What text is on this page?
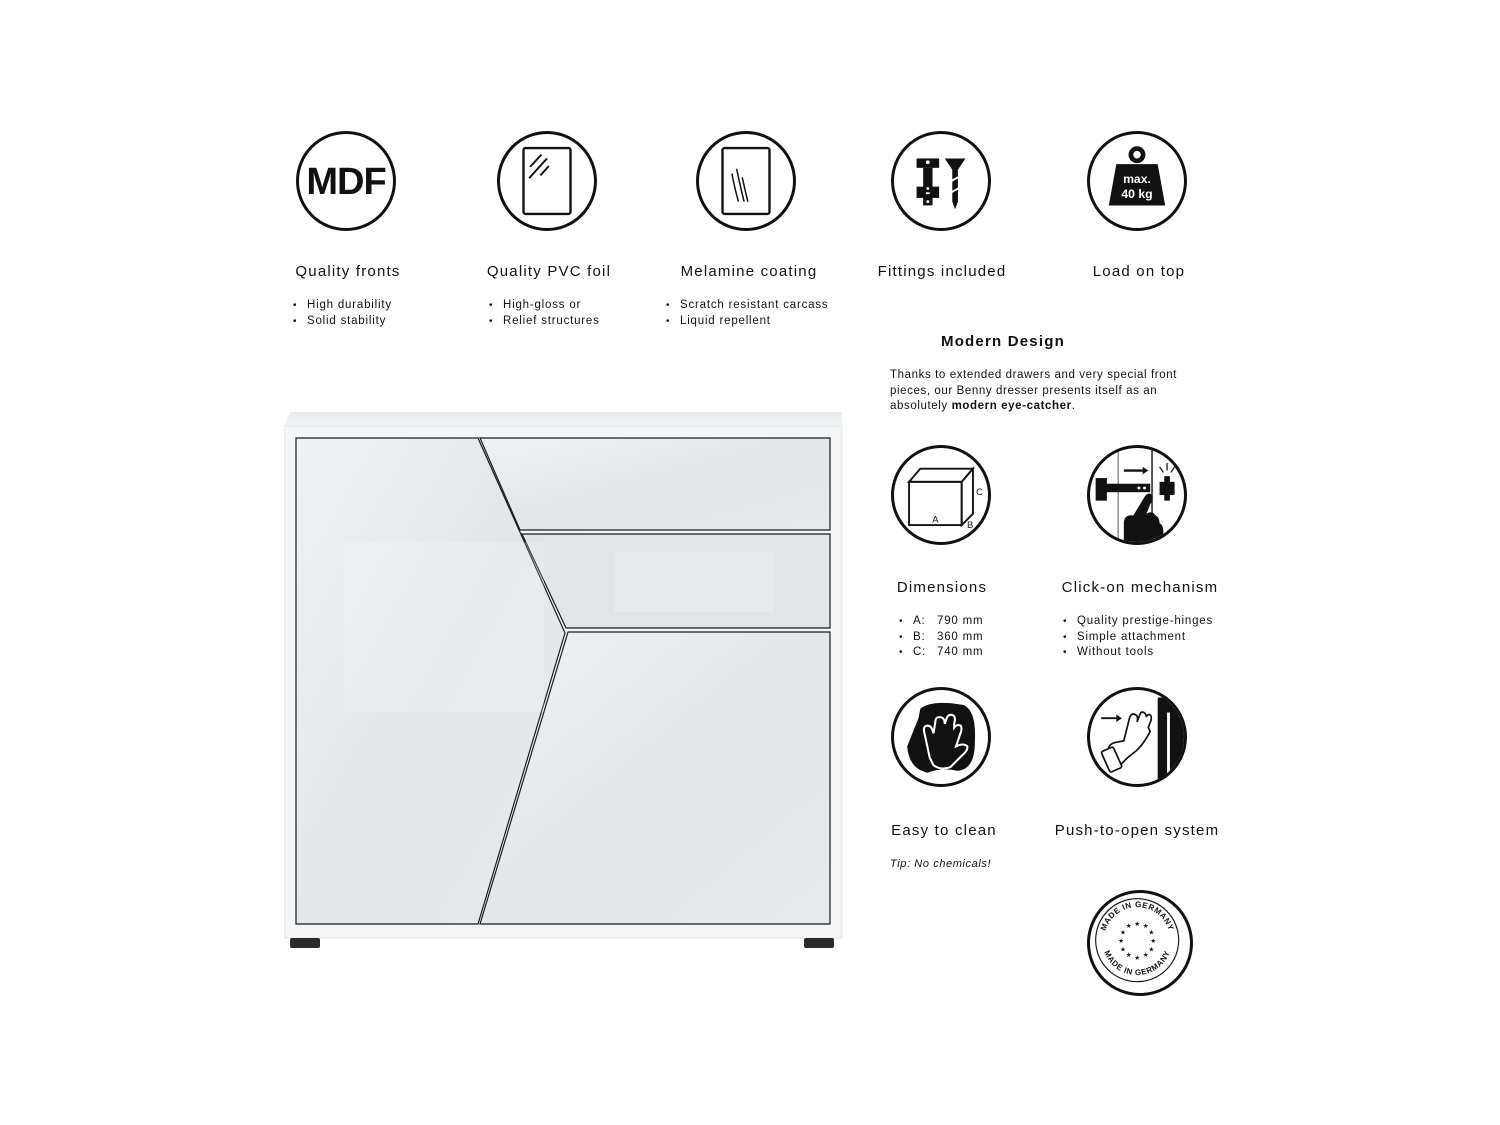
MDF
Quality fronts
• High durability
• Solid stability
Quality PVC foil
• High-gloss or
• Relief structures
Melamine coating
• Scratch resistant carcass
• Liquid repellent
Fittings included
max.
40 kg
Load on top
Modern Design
Thanks to extended drawers and very special front
pieces, our Benny dresser presents itself as an
absolutely modern eye-catcher.
A
B
C
Dimensions
• A: 790 mm
• B: 360 mm
• C: 740 mm
Click-on mechanism
• Quality prestige-hinges
• Simple attachment
• Without tools
Easy to clean
Tip: No chemicals!
Push-to-open system
MADE IN GERMANY
MADE IN GERMANY
★ ★
★
★
★
★
★
★
★
★
★
★
